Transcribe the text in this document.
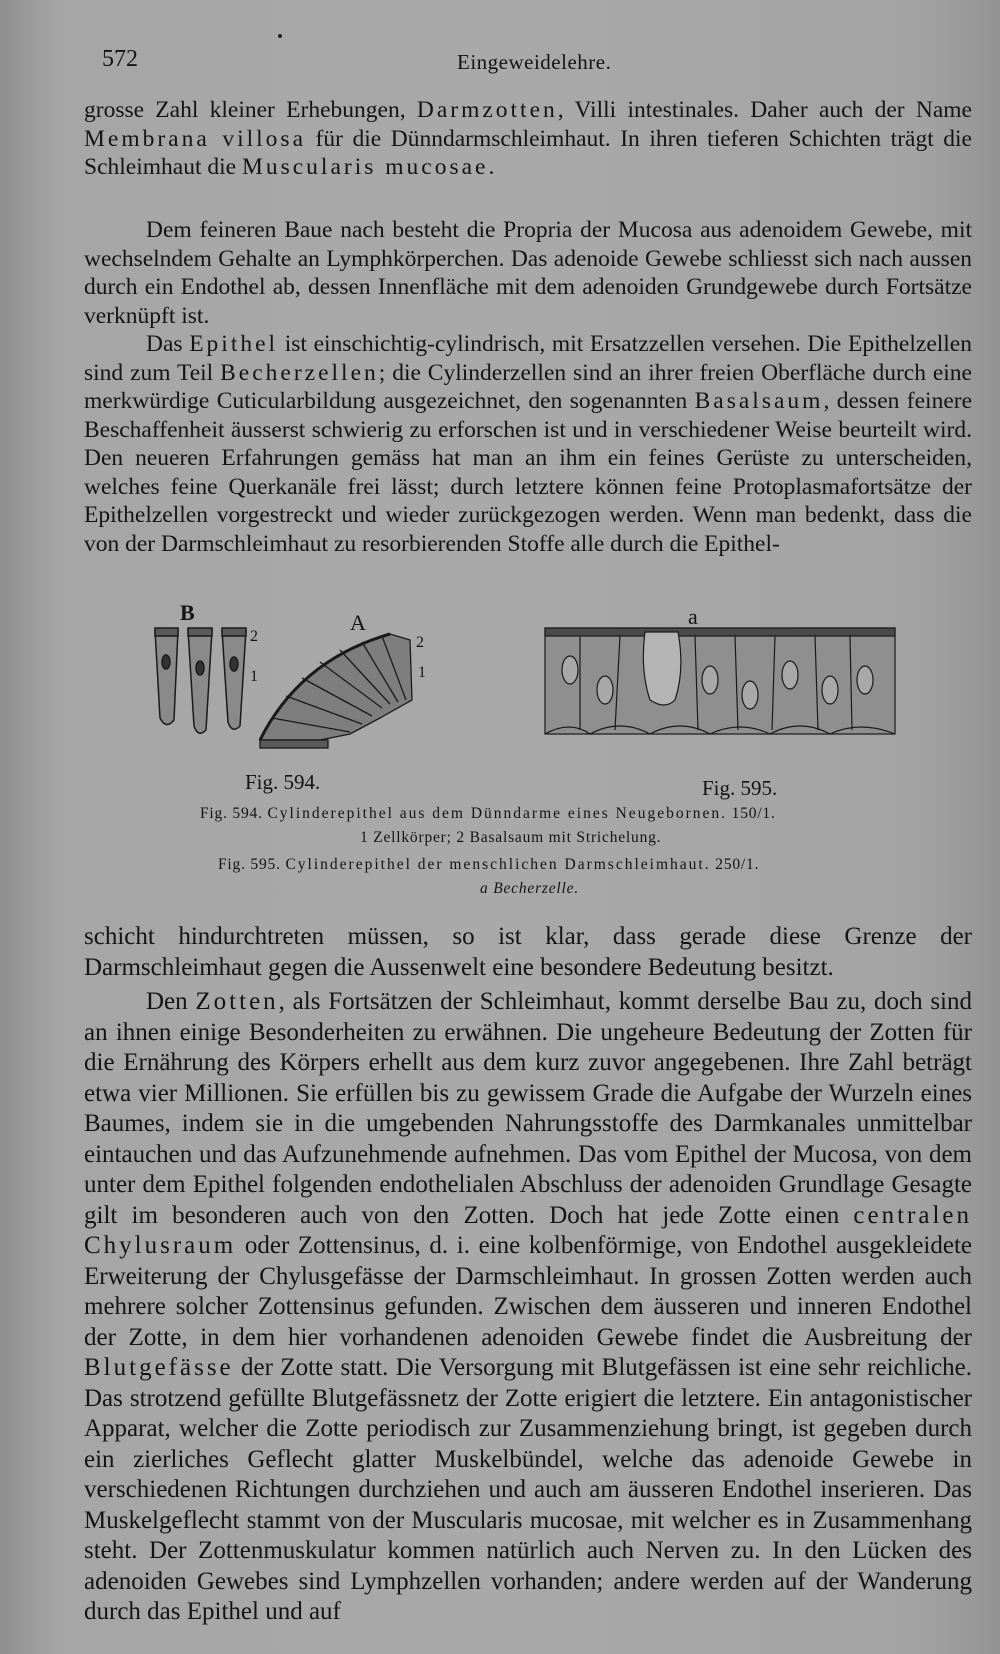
572	Eingeweidelehre.

grosse Zahl kleiner Erhebungen, Darmzotten, Villi intestinales. Daher auch der Name Membrana villosa für die Dünndarmschleimhaut. In ihren tieferen Schichten trägt die Schleimhaut die Muscularis mucosae.

Dem feineren Baue nach besteht die Propria der Mucosa aus adenoidem Gewebe, mit wechselndem Gehalte an Lymphkörperchen. Das adenoide Gewebe schliesst sich nach aussen durch ein Endothel ab, dessen Innenfläche mit dem adenoiden Grundgewebe durch Fortsätze verknüpft ist.

Das Epithel ist einschichtig-cylindrisch, mit Ersatzzellen versehen. Die Epithelzellen sind zum Teil Becherzellen; die Cylinderzellen sind an ihrer freien Oberfläche durch eine merkwürdige Cuticularbildung ausgezeichnet, den sogenannten Basalsaum, dessen feinere Beschaffenheit äusserst schwierig zu erforschen ist und in verschiedener Weise beurteilt wird. Den neueren Erfahrungen gemäss hat man an ihm ein feines Gerüste zu unterscheiden, welches feine Querkanäle frei lässt; durch letztere können feine Protoplasmafortsätze der Epithelzellen vorgestreckt und wieder zurückgezogen werden. Wenn man bedenkt, dass die von der Darmschleimhaut zu resorbierenden Stoffe alle durch die Epithel-

B	A
2
1
2
1
a
Fig. 594.	Fig. 595.
Fig. 594. Cylinderepithel aus dem Dünndarme eines Neugebornen. 150/1.
1 Zellkörper; 2 Basalsaum mit Strichelung.
Fig. 595. Cylinderepithel der menschlichen Darmschleimhaut. 250/1.
a Becherzelle.

schicht hindurchtreten müssen, so ist klar, dass gerade diese Grenze der Darmschleimhaut gegen die Aussenwelt eine besondere Bedeutung besitzt.

Den Zotten, als Fortsätzen der Schleimhaut, kommt derselbe Bau zu, doch sind an ihnen einige Besonderheiten zu erwähnen. Die ungeheure Bedeutung der Zotten für die Ernährung des Körpers erhellt aus dem kurz zuvor angegebenen. Ihre Zahl beträgt etwa vier Millionen. Sie erfüllen bis zu gewissem Grade die Aufgabe der Wurzeln eines Baumes, indem sie in die umgebenden Nahrungsstoffe des Darmkanales unmittelbar eintauchen und das Aufzunehmende aufnehmen. Das vom Epithel der Mucosa, von dem unter dem Epithel folgenden endothelialen Abschluss der adenoiden Grundlage Gesagte gilt im besonderen auch von den Zotten. Doch hat jede Zotte einen centralen Chylusraum oder Zottensinus, d. i. eine kolbenförmige, von Endothel ausgekleidete Erweiterung der Chylusgefässe der Darmschleimhaut. In grossen Zotten werden auch mehrere solcher Zottensinus gefunden. Zwischen dem äusseren und inneren Endothel der Zotte, in dem hier vorhandenen adenoiden Gewebe findet die Ausbreitung der Blutgefässe der Zotte statt. Die Versorgung mit Blutgefässen ist eine sehr reichliche. Das strotzend gefüllte Blutgefässnetz der Zotte erigiert die letztere. Ein antagonistischer Apparat, welcher die Zotte periodisch zur Zusammenziehung bringt, ist gegeben durch ein zierliches Geflecht glatter Muskelbündel, welche das adenoide Gewebe in verschiedenen Richtungen durchziehen und auch am äusseren Endothel inserieren. Das Muskelgeflecht stammt von der Muscularis mucosae, mit welcher es in Zusammenhang steht. Der Zottenmuskulatur kommen natürlich auch Nerven zu. In den Lücken des adenoiden Gewebes sind Lymphzellen vorhanden; andere werden auf der Wanderung durch das Epithel und auf
